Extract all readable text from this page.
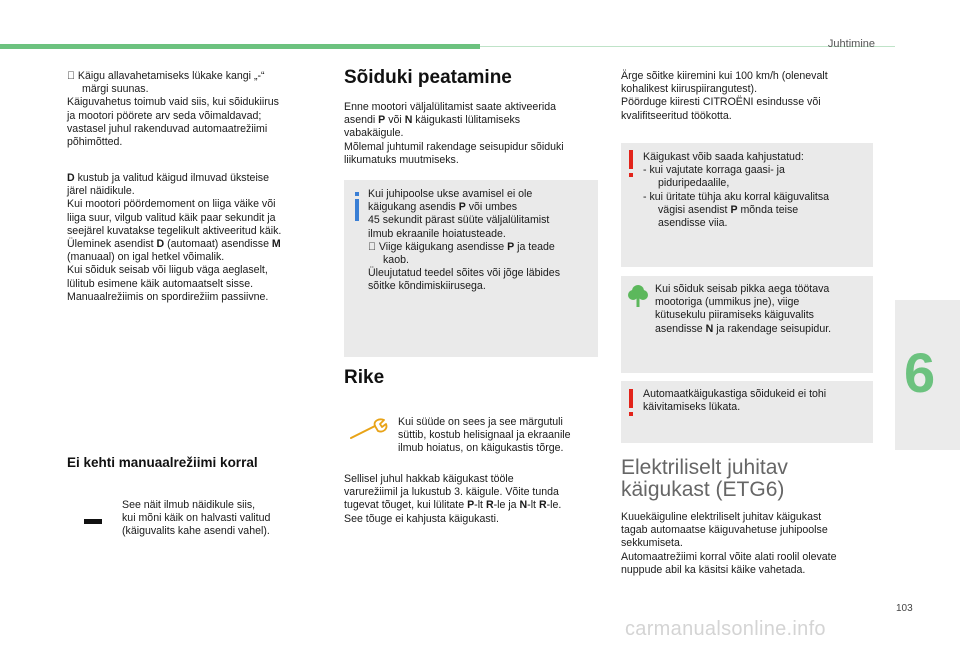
Juhtimine
6
103
carmanualsonline.info
Käigu allavahetamiseks lükake kangi „-“
märgi suunas.
Käiguvahetus toimub vaid siis, kui sõidukiirus
ja mootori pöörete arv seda võimaldavad;
vastasel juhul rakenduvad automaatrežiimi
põhimõtted.
D kustub ja valitud käigud ilmuvad üksteise
järel näidikule.
Kui mootori pöördemoment on liiga väike või
liiga suur, vilgub valitud käik paar sekundit ja
seejärel kuvatakse tegelikult aktiveeritud käik.
Üleminek asendist D (automaat) asendisse M
(manuaal) on igal hetkel võimalik.
Kui sõiduk seisab või liigub väga aeglaselt,
lülitub esimene käik automaatselt sisse.
Manuaalrežiimis on spordirežiim passiivne.
Ei kehti manuaalrežiimi korral
See näit ilmub näidikule siis,
kui mõni käik on halvasti valitud
(käiguvalits kahe asendi vahel).
Sõiduki peatamine
Enne mootori väljalülitamist saate aktiveerida
asendi P või N käigukasti lülitamiseks
vabakäigule.
Mõlemal juhtumil rakendage seisupidur sõiduki
liikumatuks muutmiseks.
Kui juhipoolse ukse avamisel ei ole
käigukang asendis P või umbes
45 sekundit pärast süüte väljalülitamist
ilmub ekraanile hoiatusteade.
Viige käigukang asendisse P ja teade
kaob.
Üleujutatud teedel sõites või jõge läbides
sõitke kõndimiskiirusega.
Rike
Kui süüde on sees ja see märgutuli
süttib, kostub helisignaal ja ekraanile
ilmub hoiatus, on käigukastis tõrge.
Sellisel juhul hakkab käigukast tööle
varurežiimil ja lukustub 3. käigule. Võite tunda
tugevat tõuget, kui lülitate P-lt R-le ja N-lt R-le.
See tõuge ei kahjusta käigukasti.
Ärge sõitke kiiremini kui 100 km/h (olenevalt
kohalikest kiiruspiirangutest).
Pöörduge kiiresti CITROËNI esindusse või
kvalifitseeritud töökotta.
Käigukast võib saada kahjustatud:
- kui vajutate korraga gaasi- ja
piduripedaalile,
- kui üritate tühja aku korral käiguvalitsa
vägisi asendist P mõnda teise
asendisse viia.
Kui sõiduk seisab pikka aega töötava
mootoriga (ummikus jne), viige
kütusekulu piiramiseks käiguvalits
asendisse N ja rakendage seisupidur.
Automaatkäigukastiga sõidukeid ei tohi
käivitamiseks lükata.
Elektriliselt juhitav
käigukast (ETG6)
Kuuekäiguline elektriliselt juhitav käigukast
tagab automaatse käiguvahetuse juhipoolse
sekkumiseta.
Automaatrežiimi korral võite alati roolil olevate
nuppude abil ka käsitsi käike vahetada.
